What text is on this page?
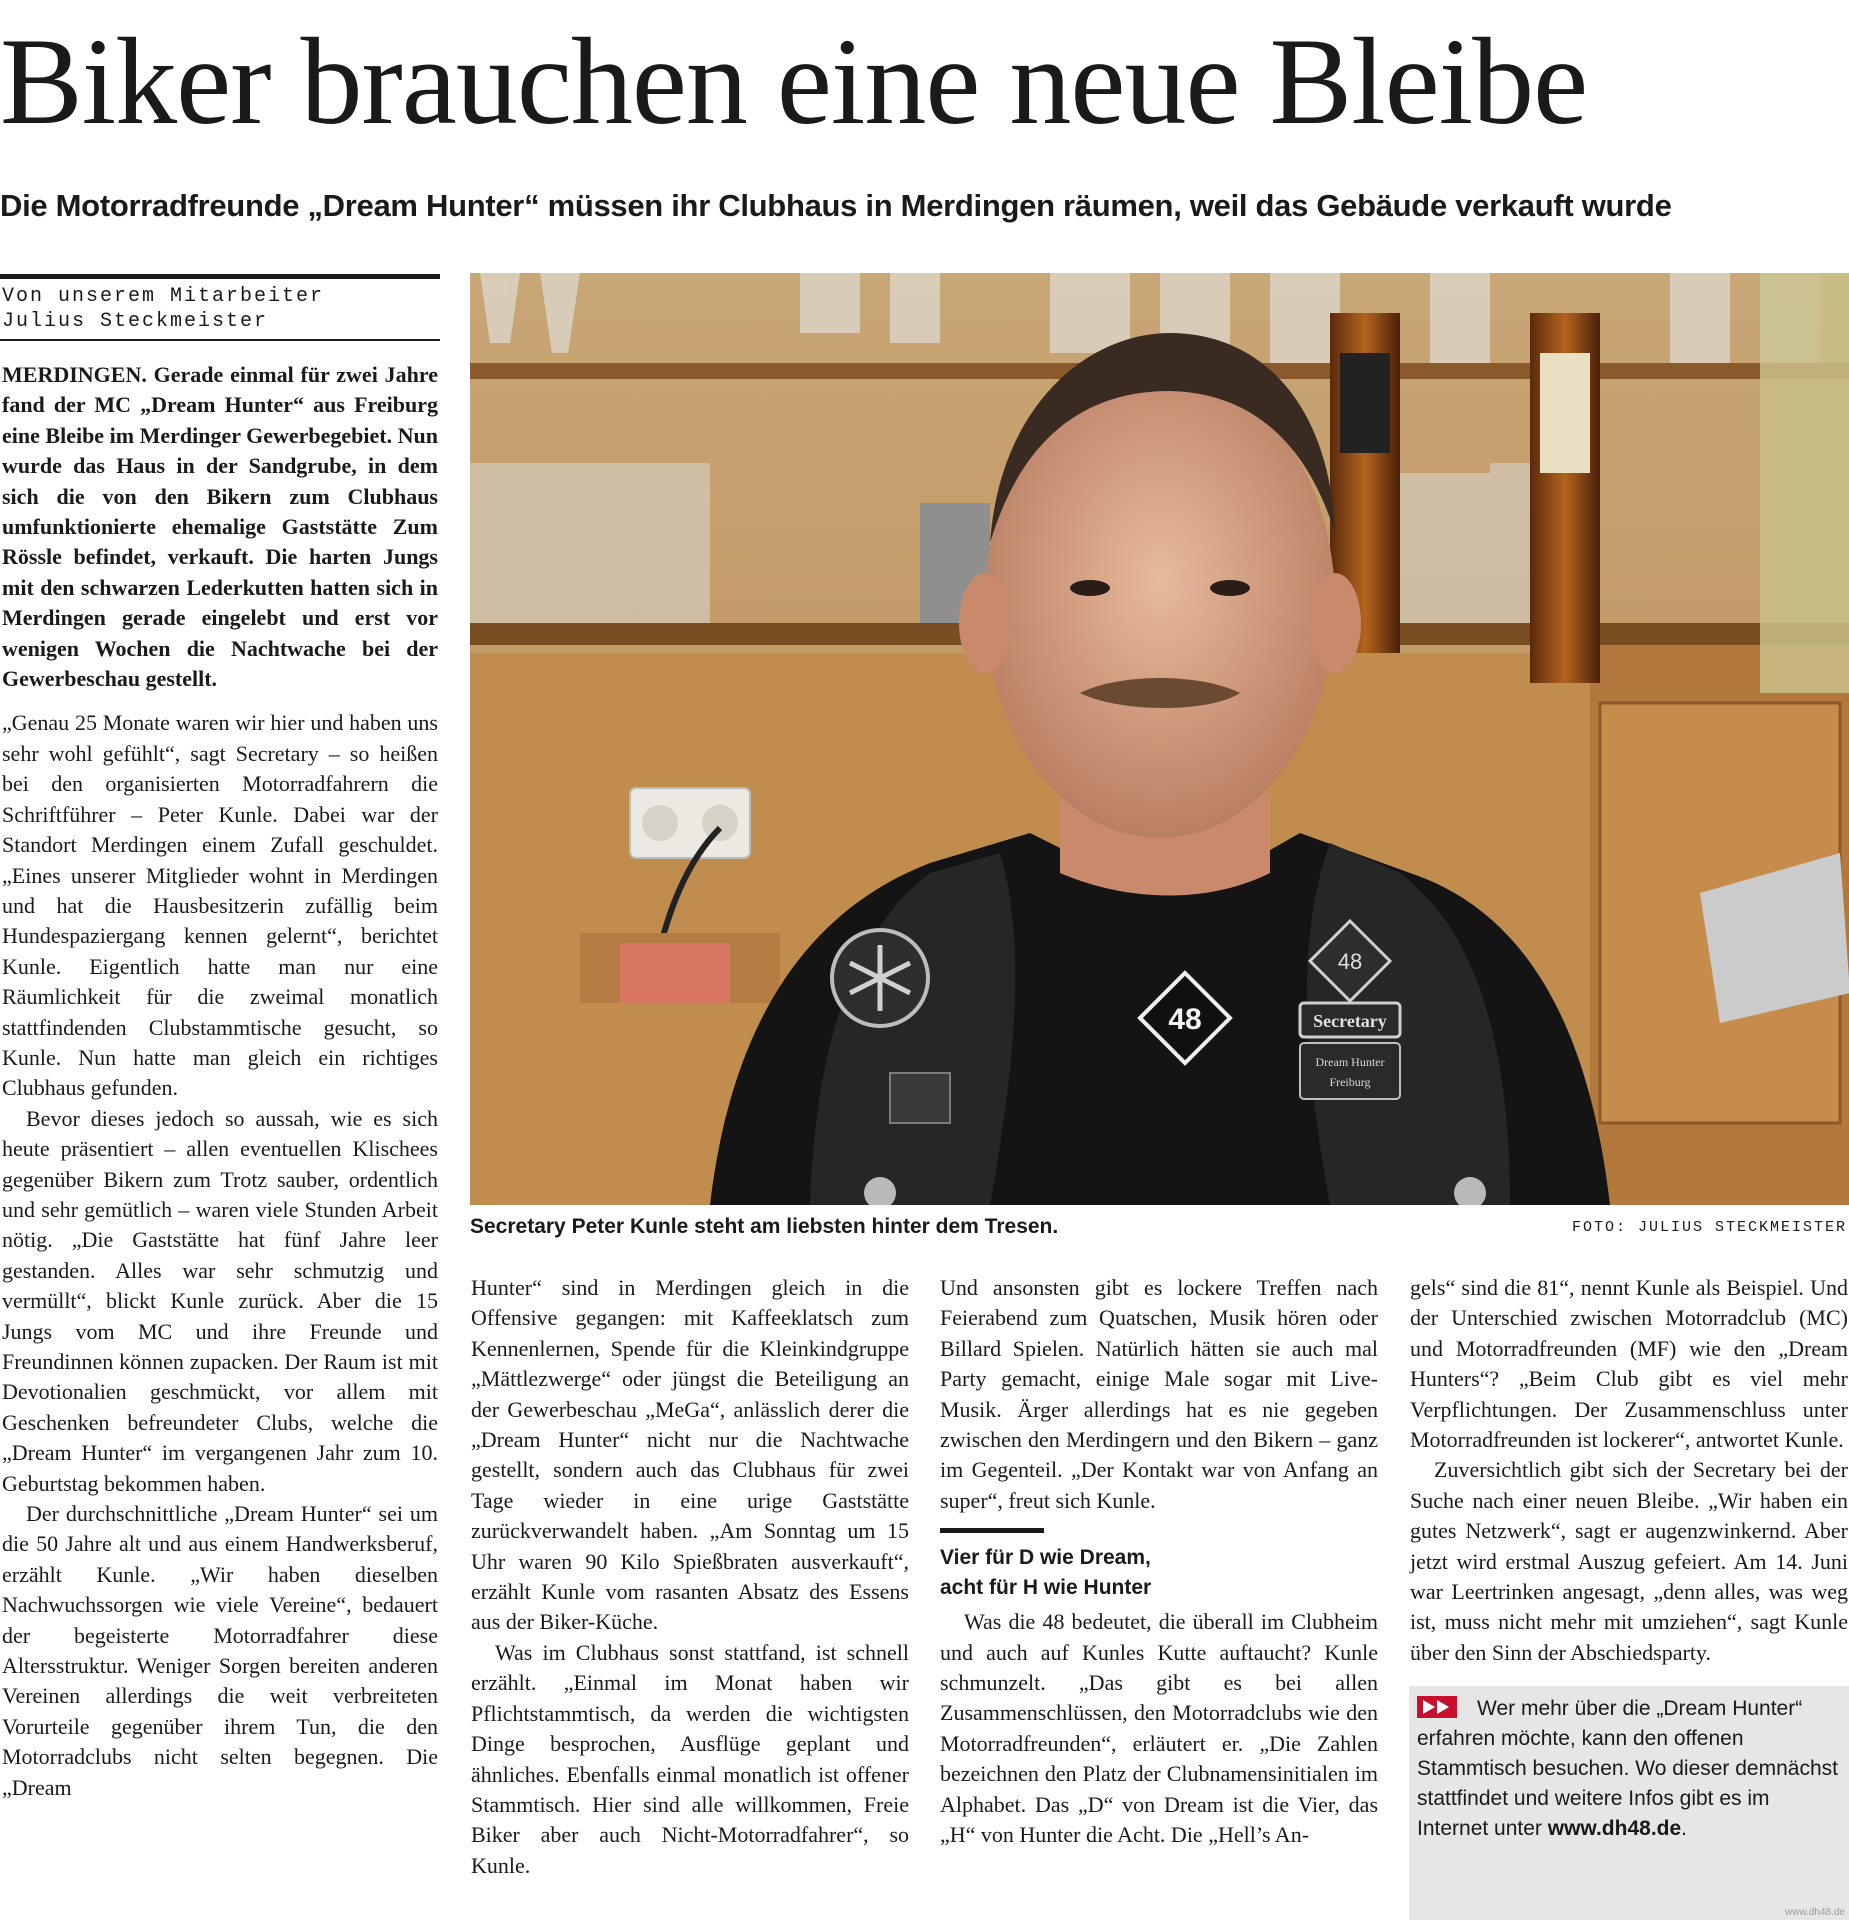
Biker brauchen eine neue Bleibe
Die Motorradfreunde „Dream Hunter“ müssen ihr Clubhaus in Merdingen räumen, weil das Gebäude verkauft wurde
Von unserem Mitarbeiter
Julius Steckmeister

MERDINGEN. Gerade einmal für zwei Jahre fand der MC „Dream Hunter“ aus Freiburg eine Bleibe im Merdinger Gewerbegebiet. Nun wurde das Haus in der Sandgrube, in dem sich die von den Bikern zum Clubhaus umfunktionierte ehemalige Gaststätte Zum Rössle befindet, verkauft. Die harten Jungs mit den schwarzen Lederkutten hatten sich in Merdingen gerade eingelebt und erst vor wenigen Wochen die Nachtwache bei der Gewerbeschau gestellt.

„Genau 25 Monate waren wir hier und haben uns sehr wohl gefühlt“, sagt Secretary – so heißen bei den organisierten Motorradfahrern die Schriftführer – Peter Kunle. Dabei war der Standort Merdingen einem Zufall geschuldet. „Eines unserer Mitglieder wohnt in Merdingen und hat die Hausbesitzerin zufällig beim Hundespaziergang kennen gelernt“, berichtet Kunle. Eigentlich hatte man nur eine Räumlichkeit für die zweimal monatlich stattfindenden Clubstammtische gesucht, so Kunle. Nun hatte man gleich ein richtiges Clubhaus gefunden.

Bevor dieses jedoch so aussah, wie es sich heute präsentiert – allen eventuellen Klischees gegenüber Bikern zum Trotz sauber, ordentlich und sehr gemütlich – waren viele Stunden Arbeit nötig. „Die Gaststätte hat fünf Jahre leer gestanden. Alles war sehr schmutzig und vermüllt“, blickt Kunle zurück. Aber die 15 Jungs vom MC und ihre Freunde und Freundinnen können zupacken. Der Raum ist mit Devotionalien geschmückt, vor allem mit Geschenken befreundeter Clubs, welche die „Dream Hunter“ im vergangenen Jahr zum 10. Geburtstag bekommen haben.

Der durchschnittliche „Dream Hunter“ sei um die 50 Jahre alt und aus einem Handwerksberuf, erzählt Kunle. „Wir haben dieselben Nachwuchssorgen wie viele Vereine“, bedauert der begeisterte Motorradfahrer diese Altersstruktur. Weniger Sorgen bereiten anderen Vereinen allerdings die weit verbreiteten Vorurteile gegenüber ihrem Tun, die den Motorradclubs nicht selten begegnen. Die „Dream

48
48	Secretary
Dream Hunter
Freiburg
Secretary Peter Kunle steht am liebsten hinter dem Tresen.	FOTO: JULIUS STECKMEISTER

Hunter“ sind in Merdingen gleich in die Offensive gegangen: mit Kaffeeklatsch zum Kennenlernen, Spende für die Kleinkindgruppe „Mättlezwerge“ oder jüngst die Beteiligung an der Gewerbeschau „MeGa“, anlässlich derer die „Dream Hunter“ nicht nur die Nachtwache gestellt, sondern auch das Clubhaus für zwei Tage wieder in eine urige Gaststätte zurückverwandelt haben. „Am Sonntag um 15 Uhr waren 90 Kilo Spießbraten ausverkauft“, erzählt Kunle vom rasanten Absatz des Essens aus der Biker-Küche.

Was im Clubhaus sonst stattfand, ist schnell erzählt. „Einmal im Monat haben wir Pflichtstammtisch, da werden die wichtigsten Dinge besprochen, Ausflüge geplant und ähnliches. Ebenfalls einmal monatlich ist offener Stammtisch. Hier sind alle willkommen, Freie Biker aber auch Nicht-Motorradfahrer“, so Kunle.

Und ansonsten gibt es lockere Treffen nach Feierabend zum Quatschen, Musik hören oder Billard Spielen. Natürlich hätten sie auch mal Party gemacht, einige Male sogar mit Live-Musik. Ärger allerdings hat es nie gegeben zwischen den Merdingern und den Bikern – ganz im Gegenteil. „Der Kontakt war von Anfang an super“, freut sich Kunle.

Vier für D wie Dream,
acht für H wie Hunter

Was die 48 bedeutet, die überall im Clubheim und auch auf Kunles Kutte auftaucht? Kunle schmunzelt. „Das gibt es bei allen Zusammenschlüssen, den Motorradclubs wie den Motorradfreunden“, erläutert er. „Die Zahlen bezeichnen den Platz der Clubnamensinitialen im Alphabet. Das „D“ von Dream ist die Vier, das „H“ von Hunter die Acht. Die „Hell’s An-

gels“ sind die 81“, nennt Kunle als Beispiel. Und der Unterschied zwischen Motorradclub (MC) und Motorradfreunden (MF) wie den „Dream Hunters“? „Beim Club gibt es viel mehr Verpflichtungen. Der Zusammenschluss unter Motorradfreunden ist lockerer“, antwortet Kunle.

Zuversichtlich gibt sich der Secretary bei der Suche nach einer neuen Bleibe. „Wir haben ein gutes Netzwerk“, sagt er augenzwinkernd. Aber jetzt wird erstmal Auszug gefeiert. Am 14. Juni war Leertrinken angesagt, „denn alles, was weg ist, muss nicht mehr mit umziehen“, sagt Kunle über den Sinn der Abschiedsparty.

Wer mehr über die „Dream Hunter“ erfahren möchte, kann den offenen Stammtisch besuchen. Wo dieser demnächst stattfindet und weitere Infos gibt es im Internet unter www.dh48.de.
www.dh48.de
